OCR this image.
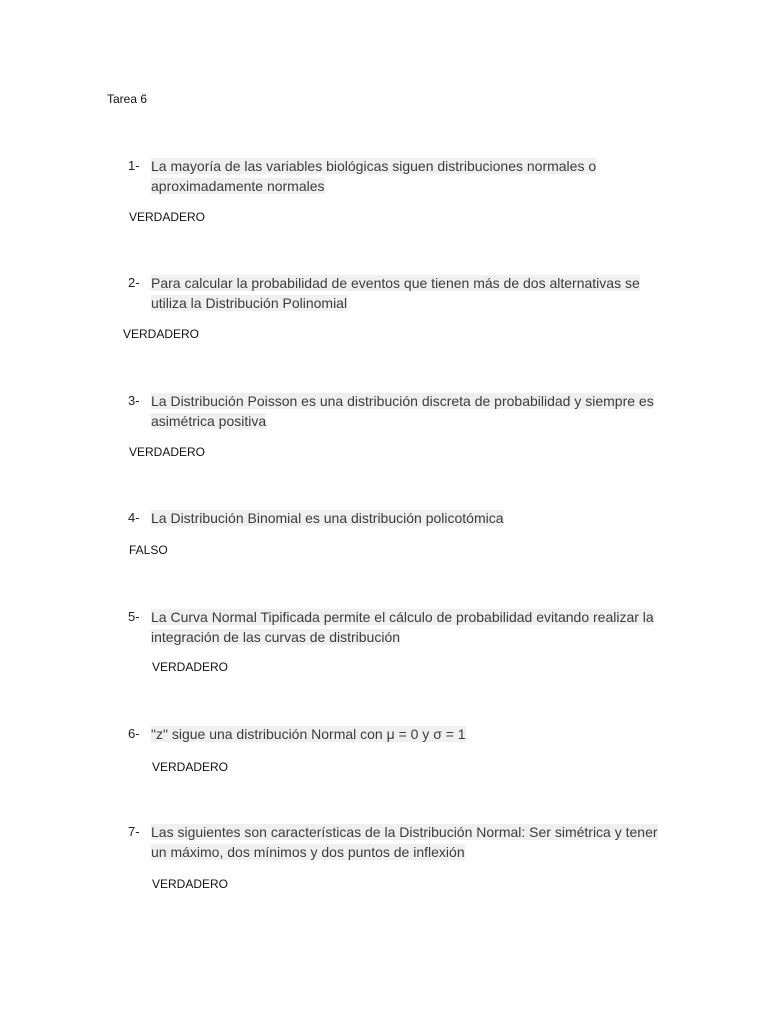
Tarea 6
1- La mayoría de las variables biológicas siguen distribuciones normales o aproximadamente normales
VERDADERO
2- Para calcular la probabilidad de eventos que tienen más de dos alternativas se utiliza la Distribución Polinomial
VERDADERO
3- La Distribución Poisson es una distribución discreta de probabilidad y siempre es asimétrica positiva
VERDADERO
4- La Distribución Binomial es una distribución policotómica
FALSO
5- La Curva Normal Tipificada permite el cálculo de probabilidad evitando realizar la integración de las curvas de distribución
VERDADERO
6- "z" sigue una distribución Normal con μ = 0 y σ = 1
VERDADERO
7- Las siguientes son características de la Distribución Normal: Ser simétrica y tener un máximo, dos mínimos y dos puntos de inflexión
VERDADERO
